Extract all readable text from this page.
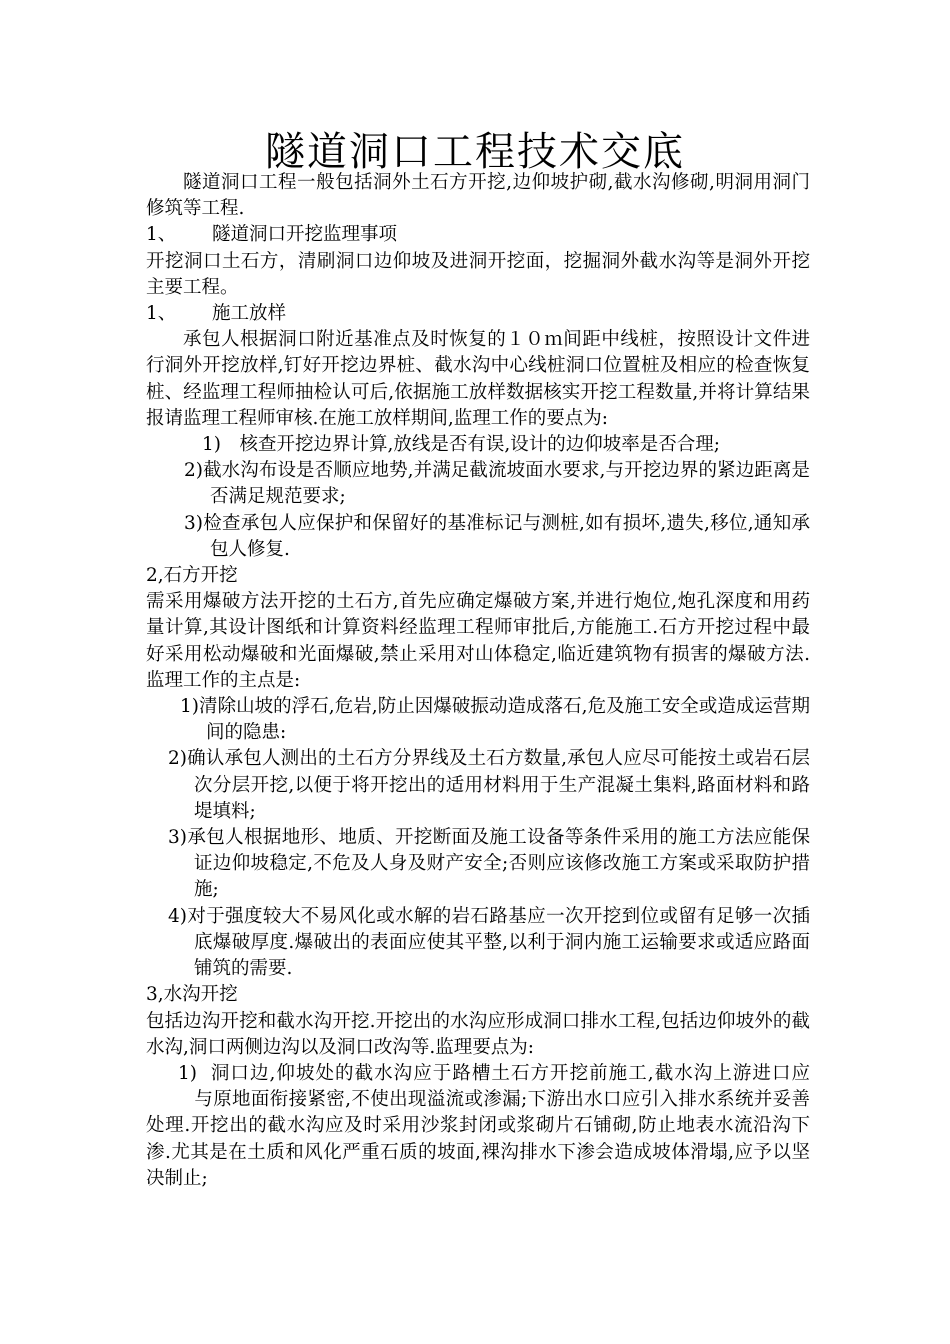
隧道洞口工程技术交底

隧道洞口工程一般包括洞外土石方开挖,边仰坡护砌,截水沟修砌,明洞用洞门修筑等工程.

1、 隧道洞口开挖监理事项

开挖洞口土石方，清刷洞口边仰坡及进洞开挖面，挖掘洞外截水沟等是洞外开挖主要工程。

1、 施工放样

承包人根据洞口附近基准点及时恢复的１０ｍ间距中线桩，按照设计文件进行洞外开挖放样,钉好开挖边界桩、截水沟中心线桩洞口位置桩及相应的检查恢复桩、经监理工程师抽检认可后,依据施工放样数据核实开挖工程数量,并将计算结果报请监理工程师审核.在施工放样期间,监理工作的要点为:

1)　核查开挖边界计算,放线是否有误,设计的边仰坡率是否合理;

2)截水沟布设是否顺应地势,并满足截流坡面水要求,与开挖边界的紧边距离是否满足规范要求;

3)检查承包人应保护和保留好的基准标记与测桩,如有损坏,遗失,移位,通知承包人修复.

2,石方开挖

需采用爆破方法开挖的土石方,首先应确定爆破方案,并进行炮位,炮孔深度和用药量计算,其设计图纸和计算资料经监理工程师审批后,方能施工.石方开挖过程中最好采用松动爆破和光面爆破,禁止采用对山体稳定,临近建筑物有损害的爆破方法.监理工作的主点是:

1)清除山坡的浮石,危岩,防止因爆破振动造成落石,危及施工安全或造成运营期间的隐患:

2)确认承包人测出的土石方分界线及土石方数量,承包人应尽可能按土或岩石层次分层开挖,以便于将开挖出的适用材料用于生产混凝土集料,路面材料和路堤填料;

3)承包人根据地形、地质、开挖断面及施工设备等条件采用的施工方法应能保证边仰坡稳定,不危及人身及财产安全;否则应该修改施工方案或采取防护措施;

4)对于强度较大不易风化或水解的岩石路基应一次开挖到位或留有足够一次插底爆破厚度.爆破出的表面应使其平整,以利于洞内施工运输要求或适应路面铺筑的需要.

3,水沟开挖

包括边沟开挖和截水沟开挖.开挖出的水沟应形成洞口排水工程,包括边仰坡外的截水沟,洞口两侧边沟以及洞口改沟等.监理要点为:

1) 洞口边,仰坡处的截水沟应于路槽土石方开挖前施工,截水沟上游进口应与原地面衔接紧密,不使出现溢流或渗漏;下游出水口应引入排水系统并妥善处理.开挖出的截水沟应及时采用沙浆封闭或浆砌片石铺砌,防止地表水流沿沟下渗.尤其是在土质和风化严重石质的坡面,裸沟排水下渗会造成坡体滑塌,应予以坚决制止;
